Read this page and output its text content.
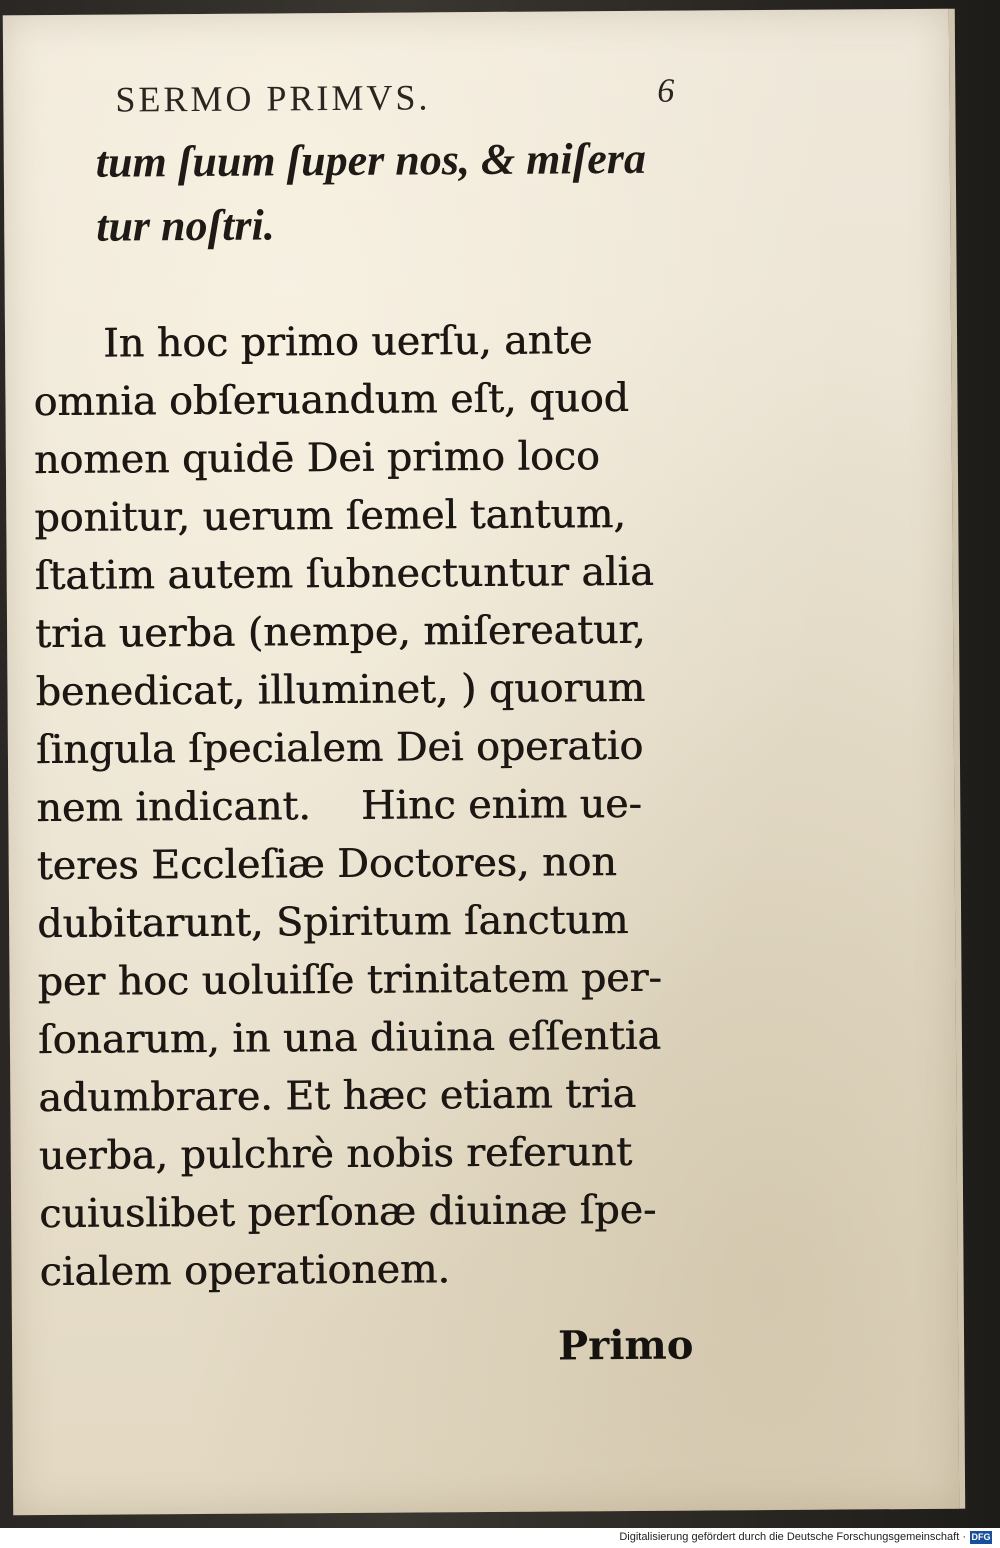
SERMO PRIMVS.	6
tum ſuum ſuper nos, & miſera
tur noſtri.
In hoc primo uerſu, ante
omnia obſeruandum eſt, quod
nomen quidē Dei primo loco
ponitur, uerum ſemel tantum,
ſtatim autem ſubnectuntur alia
tria uerba (nempe, miſereatur,
benedicat, illuminet, ) quorum
ſingula ſpecialem Dei operatio
nem indicant.    Hinc enim ue-
teres Eccleſiæ Doctores, non
dubitarunt, Spiritum ſanctum
per hoc uoluiſſe trinitatem per-
ſonarum, in una diuina eſſentia
adumbrare. Et hæc etiam tria
uerba, pulchrè nobis referunt
cuiuslibet perſonæ diuinæ ſpe-
cialem operationem.
Primo
Digitalisierung gefördert durch die Deutsche Forschungsgemeinschaft · DFG
